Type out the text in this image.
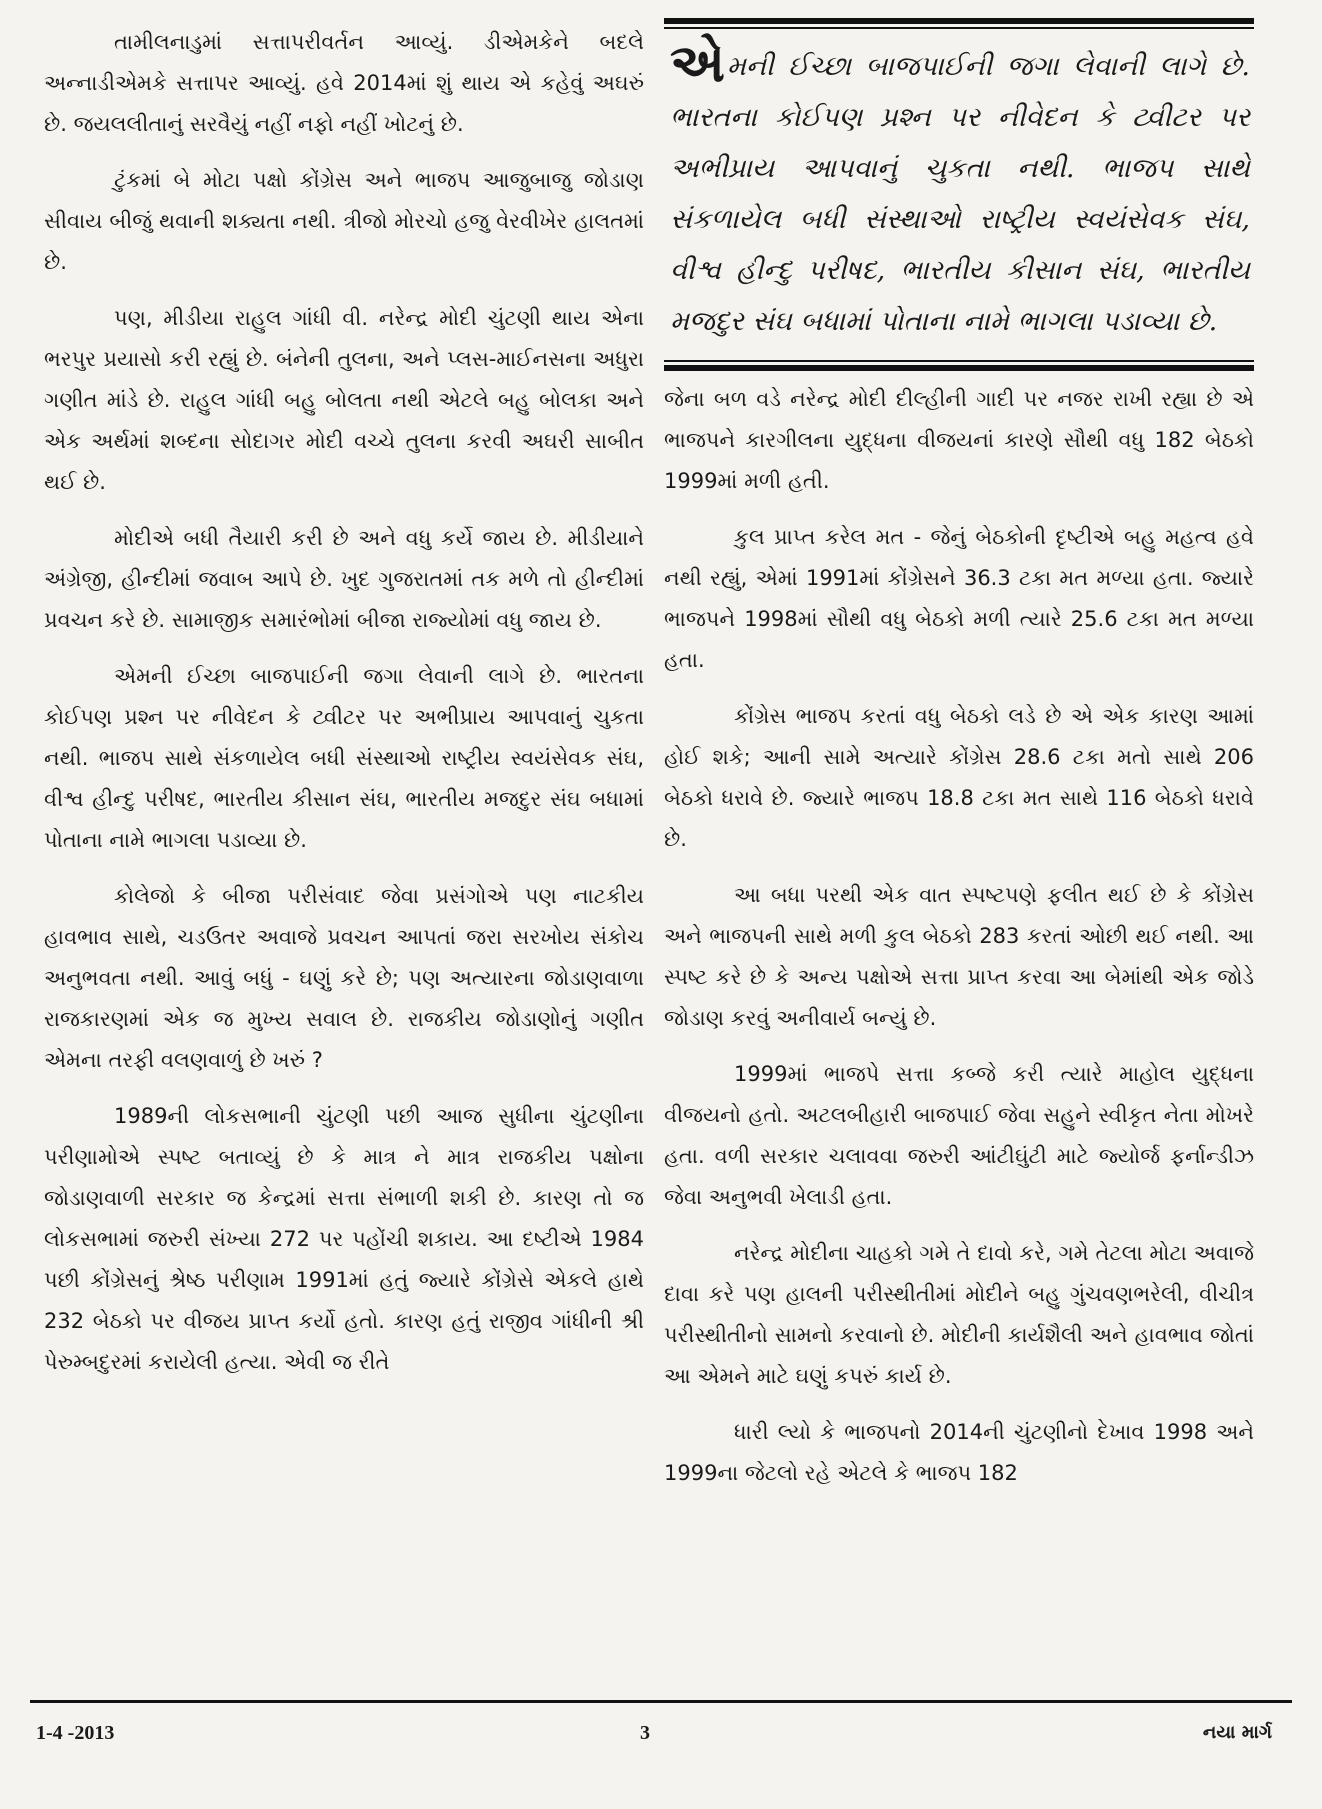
તામીલનાડુમાં સત્તાપરીવર્તન આવ્યું. ડીએમકેને બદલે અન્નાડીએમકે સત્તાપર આવ્યું. હવે 2014માં શું થાય એ કહેવું અઘરું છે. જયલલીતાનું સરવૈયું નહીં નફો નહીં ખોટનું છે.

ટુંકમાં બે મોટા પક્ષો કોંગ્રેસ અને ભાજપ આજુબાજુ જોડાણ સીવાય બીજું થવાની શક્યતા નથી. ત્રીજો મોરચો હજુ વેરવીખેર હાલતમાં છે.

પણ, મીડીયા રાહુલ ગાંધી વી. નરેન્દ્ર મોદી ચુંટણી થાય એના ભરપુર પ્રયાસો કરી રહ્યું છે. બંનેની તુલના, અને પ્લસ-માઈનસના અધુરા ગણીત માંડે છે. રાહુલ ગાંધી બહુ બોલતા નથી એટલે બહુ બોલકા અને એક અર્થમાં શબ્દના સોદાગર મોદી વચ્ચે તુલના કરવી અઘરી સાબીત થઈ છે.

મોદીએ બધી તૈયારી કરી છે અને વધુ કર્યે જાય છે. મીડીયાને અંગ્રેજી, હીન્દીમાં જવાબ આપે છે. ખુદ ગુજરાતમાં તક મળે તો હીન્દીમાં પ્રવચન કરે છે. સામાજીક સમારંભોમાં બીજા રાજ્યોમાં વધુ જાય છે.

એમની ઈચ્છા બાજપાઈની જગા લેવાની લાગે છે. ભારતના કોઈપણ પ્રશ્ન પર નીવેદન કે ટ્વીટર પર અભીપ્રાય આપવાનું ચુકતા નથી. ભાજપ સાથે સંકળાયેલ બધી સંસ્થાઓ રાષ્ટ્રીય સ્વયંસેવક સંઘ, વીશ્વ હીન્દુ પરીષદ, ભારતીય કીસાન સંઘ, ભારતીય મજદુર સંઘ બધામાં પોતાના નામે ભાગલા પડાવ્યા છે.

કોલેજો કે બીજા પરીસંવાદ જેવા પ્રસંગોએ પણ નાટકીય હાવભાવ સાથે, ચડઉતર અવાજે પ્રવચન આપતાં જરા સરખોય સંકોચ અનુભવતા નથી. આવું બધું - ઘણું કરે છે; પણ અત્યારના જોડાણવાળા રાજકારણમાં એક જ મુખ્ય સવાલ છે. રાજકીય જોડાણોનું ગણીત એમના તરફી વલણવાળું છે ખરું ?

1989ની લોકસભાની ચુંટણી પછી આજ સુધીના ચુંટણીના પરીણામોએ સ્પષ્ટ બતાવ્યું છે કે માત્ર ને માત્ર રાજકીય પક્ષોના જોડાણવાળી સરકાર જ કેન્દ્રમાં સત્તા સંભાળી શકી છે. કારણ તો જ લોકસભામાં જરુરી સંખ્યા 272 પર પહોંચી શકાય. આ દષ્ટીએ 1984 પછી કોંગ્રેસનું શ્રેષ્ઠ પરીણામ 1991માં હતું જ્યારે કોંગ્રેસે એકલે હાથે 232 બેઠકો પર વીજય પ્રાપ્ત કર્યો હતો. કારણ હતું રાજીવ ગાંધીની શ્રી પેરુમ્બદુરમાં કરાયેલી હત્યા. એવી જ રીતે

એમની ઈચ્છા બાજપાઈની જગા લેવાની લાગે છે. ભારતના કોઈપણ પ્રશ્ન પર નીવેદન કે ટ્વીટર પર અભીપ્રાય આપવાનું ચુકતા નથી. ભાજપ સાથે સંકળાયેલ બધી સંસ્થાઓ રાષ્ટ્રીય સ્વયંસેવક સંઘ, વીશ્વ હીન્દુ પરીષદ, ભારતીય કીસાન સંઘ, ભારતીય મજદુર સંઘ બધામાં પોતાના નામે ભાગલા પડાવ્યા છે.

જેના બળ વડે નરેન્દ્ર મોદી દીલ્હીની ગાદી પર નજર રાખી રહ્યા છે એ ભાજપને કારગીલના યુદ્ધના વીજયનાં કારણે સૌથી વધુ 182 બેઠકો 1999માં મળી હતી.

કુલ પ્રાપ્ત કરેલ મત - જેનું બેઠકોની દૃષ્ટીએ બહુ મહત્વ હવે નથી રહ્યું, એમાં 1991માં કોંગ્રેસને 36.3 ટકા મત મળ્યા હતા. જ્યારે ભાજપને 1998માં સૌથી વધુ બેઠકો મળી ત્યારે 25.6 ટકા મત મળ્યા હતા.

કોંગ્રેસ ભાજપ કરતાં વધુ બેઠકો લડે છે એ એક કારણ આમાં હોઈ શકે; આની સામે અત્યારે કોંગ્રેસ 28.6 ટકા મતો સાથે 206 બેઠકો ધરાવે છે. જ્યારે ભાજપ 18.8 ટકા મત સાથે 116 બેઠકો ધરાવે છે.

આ બધા પરથી એક વાત સ્પષ્ટપણે ફલીત થઈ છે કે કોંગ્રેસ અને ભાજપની સાથે મળી કુલ બેઠકો 283 કરતાં ઓછી થઈ નથી. આ સ્પષ્ટ કરે છે કે અન્ય પક્ષોએ સત્તા પ્રાપ્ત કરવા આ બેમાંથી એક જોડે જોડાણ કરવું અનીવાર્ય બન્યું છે.

1999માં ભાજપે સત્તા કબ્જે કરી ત્યારે માહોલ યુદ્ધના વીજયનો હતો. અટલબીહારી બાજપાઈ જેવા સહુને સ્વીકૃત નેતા મોખરે હતા. વળી સરકાર ચલાવવા જરુરી આંટીઘુંટી માટે જ્યોર્જ ફર્નાન્ડીઝ જેવા અનુભવી ખેલાડી હતા.

નરેન્દ્ર મોદીના ચાહકો ગમે તે દાવો કરે, ગમે તેટલા મોટા અવાજે દાવા કરે પણ હાલની પરીસ્થીતીમાં મોદીને બહુ ગુંચવણભરેલી, વીચીત્ર પરીસ્થીતીનો સામનો કરવાનો છે. મોદીની કાર્યશૈલી અને હાવભાવ જોતાં આ એમને માટે ઘણું કપરું કાર્ય છે.

ધારી લ્યો કે ભાજપનો 2014ની ચુંટણીનો દેખાવ 1998 અને 1999ના જેટલો રહે એટલે કે ભાજપ 182

1-4 -2013	3	નયા માર્ગ
